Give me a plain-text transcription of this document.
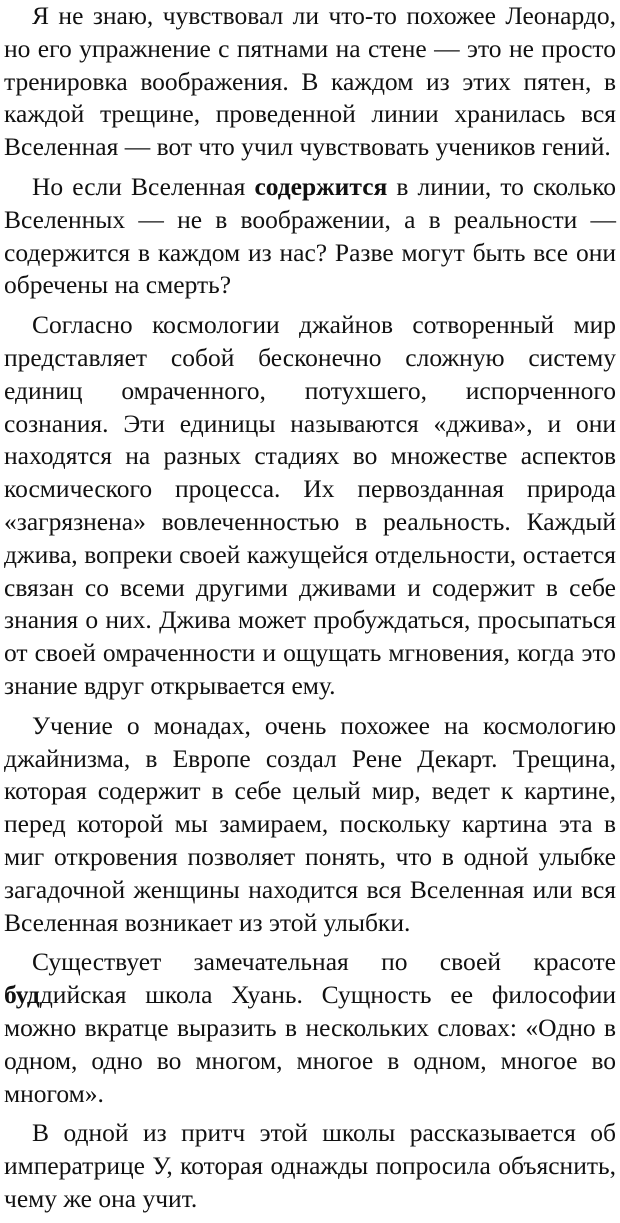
Я не знаю, чувствовал ли что-то похожее Леонардо, но его упражнение с пятнами на стене — это не просто тренировка воображения. В каждом из этих пятен, в каждой трещине, проведенной линии хранилась вся Вселенная — вот что учил чувствовать учеников гений.

Но если Вселенная содержится в линии, то сколько Вселенных — не в воображении, а в реальности — содержится в каждом из нас? Разве могут быть все они обречены на смерть?

Согласно космологии джайнов сотворенный мир представляет собой бесконечно сложную систему единиц омраченного, потухшего, испорченного сознания. Эти единицы называются «джива», и они находятся на разных стадиях во множестве аспектов космического процесса. Их первозданная природа «загрязнена» вовлеченностью в реальность. Каждый джива, вопреки своей кажущейся отдельности, остается связан со всеми другими дживами и содержит в себе знания о них. Джива может пробуждаться, просыпаться от своей омраченности и ощущать мгновения, когда это знание вдруг открывается ему.

Учение о монадах, очень похожее на космологию джайнизма, в Европе создал Рене Декарт. Трещина, которая содержит в себе целый мир, ведет к картине, перед которой мы замираем, поскольку картина эта в миг откровения позволяет понять, что в одной улыбке загадочной женщины находится вся Вселенная или вся Вселенная возникает из этой улыбки.

Существует замечательная по своей красоте буддийская школа Хуань. Сущность ее философии можно вкратце выразить в нескольких словах: «Одно в одном, одно во многом, многое в одном, многое во многом».

В одной из притч этой школы рассказывается об императрице У, которая однажды попросила объяснить, чему же она учит.
